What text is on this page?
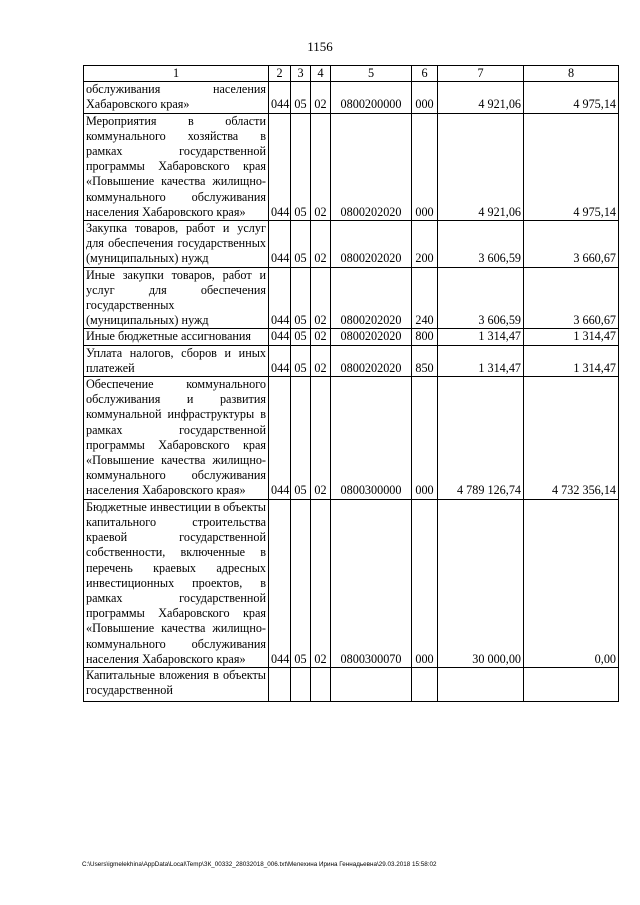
1156
1	2	3	4	5	6	7	8
обслуживания населения Хабаровского края»	044	05	02	0800200000	000	4 921,06	4 975,14
Мероприятия в области коммунального хозяйства в рамках государственной программы Хабаровского края «Повышение качества жилищно-коммунального обслуживания населения Хабаровского края»	044	05	02	0800202020	000	4 921,06	4 975,14
Закупка товаров, работ и услуг для обеспечения государственных (муниципальных) нужд	044	05	02	0800202020	200	3 606,59	3 660,67
Иные закупки товаров, работ и услуг для обеспечения государственных (муниципальных) нужд	044	05	02	0800202020	240	3 606,59	3 660,67
Иные бюджетные ассигнования	044	05	02	0800202020	800	1 314,47	1 314,47
Уплата налогов, сборов и иных платежей	044	05	02	0800202020	850	1 314,47	1 314,47
Обеспечение коммунального обслуживания и развития коммунальной инфраструктуры в рамках государственной программы Хабаровского края «Повышение качества жилищно-коммунального обслуживания населения Хабаровского края»	044	05	02	0800300000	000	4 789 126,74	4 732 356,14
Бюджетные инвестиции в объекты капитального строительства краевой государственной собственности, включенные в перечень краевых адресных инвестиционных проектов, в рамках государственной программы Хабаровского края «Повышение качества жилищно-коммунального обслуживания населения Хабаровского края»	044	05	02	0800300070	000	30 000,00	0,00
Капитальные вложения в объекты государственной							
C:\Users\igmelekhina\AppData\Local\Temp\ЗК_00332_28032018_006.txt\Мелехина Ирина Геннадьевна\29.03.2018 15:58:02
